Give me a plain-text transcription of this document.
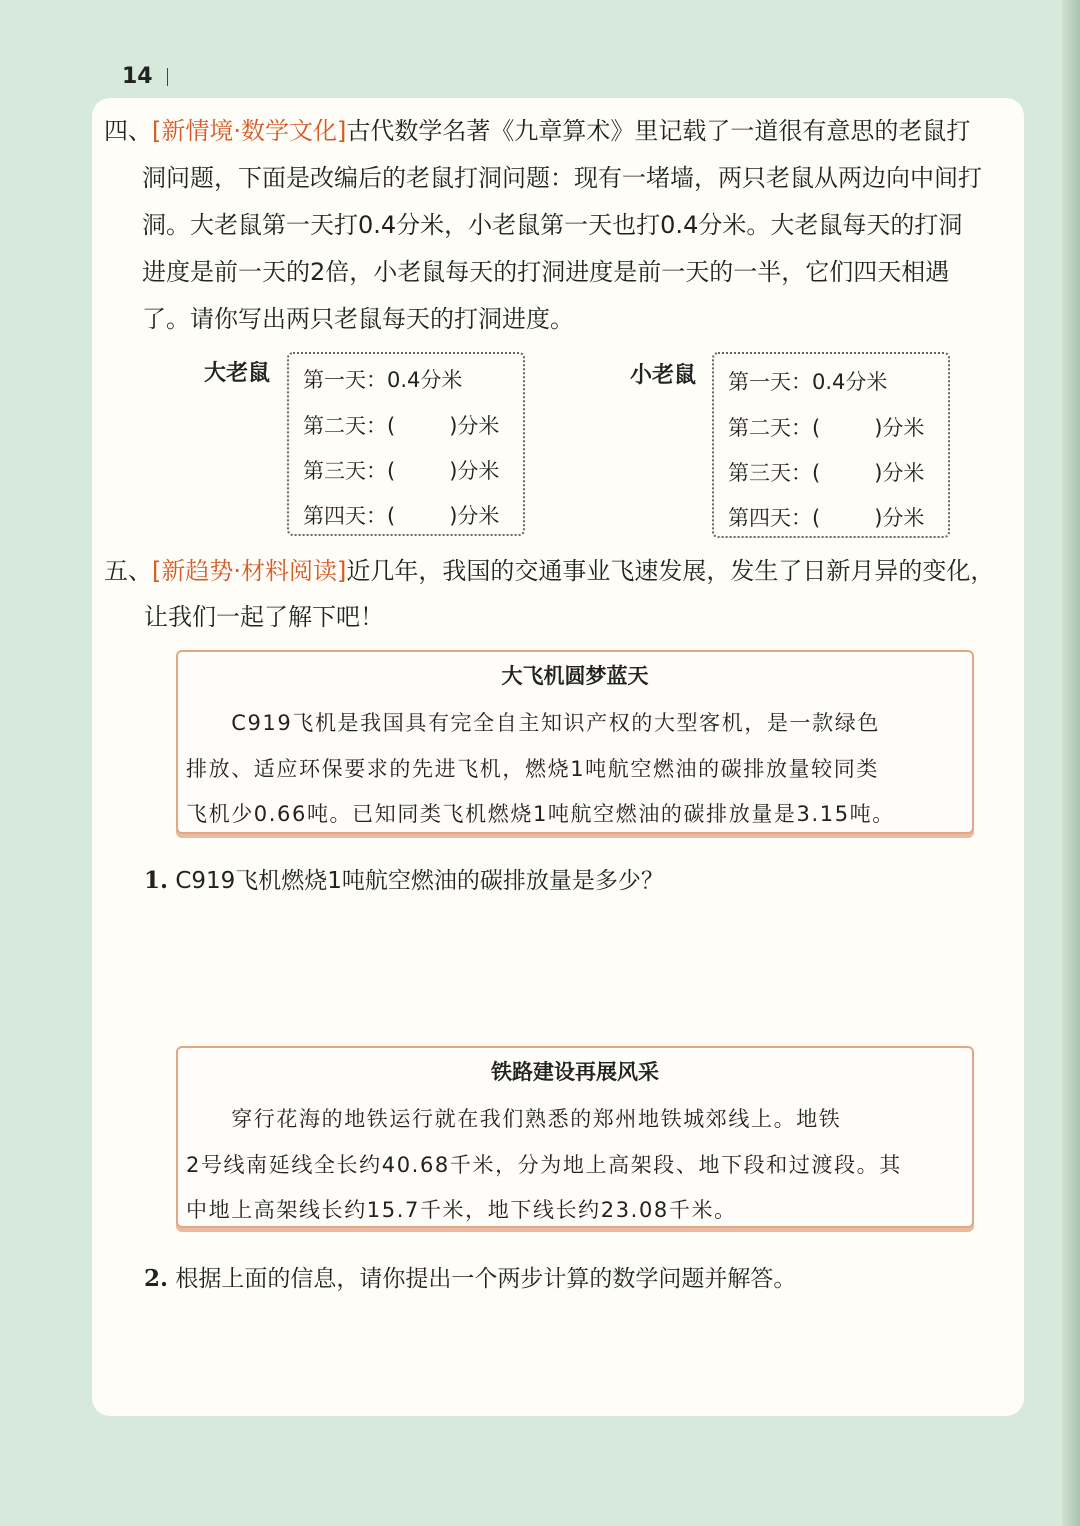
14
四、[新情境·数学文化]古代数学名著《九章算术》里记载了一道很有意思的老鼠打
洞问题，下面是改编后的老鼠打洞问题：现有一堵墙，两只老鼠从两边向中间打
洞。大老鼠第一天打0.4分米，小老鼠第一天也打0.4分米。大老鼠每天的打洞
进度是前一天的2倍，小老鼠每天的打洞进度是前一天的一半，它们四天相遇
了。请你写出两只老鼠每天的打洞进度。
大老鼠 第一天：0.4分米
第二天：(	)分米
第三天：(	)分米
第四天：(	)分米
小老鼠 第一天：0.4分米
第二天：(	)分米
第三天：(	)分米
第四天：(	)分米
五、[新趋势·材料阅读]近几年，我国的交通事业飞速发展，发生了日新月异的变化，
让我们一起了解下吧！
大飞机圆梦蓝天
　　C919飞机是我国具有完全自主知识产权的大型客机，是一款绿色
排放、适应环保要求的先进飞机，燃烧1吨航空燃油的碳排放量较同类
飞机少0.66吨。已知同类飞机燃烧1吨航空燃油的碳排放量是3.15吨。
1. C919飞机燃烧1吨航空燃油的碳排放量是多少？
铁路建设再展风采
　　穿行花海的地铁运行就在我们熟悉的郑州地铁城郊线上。地铁
2号线南延线全长约40.68千米，分为地上高架段、地下段和过渡段。其
中地上高架线长约15.7千米，地下线长约23.08千米。
2. 根据上面的信息，请你提出一个两步计算的数学问题并解答。
